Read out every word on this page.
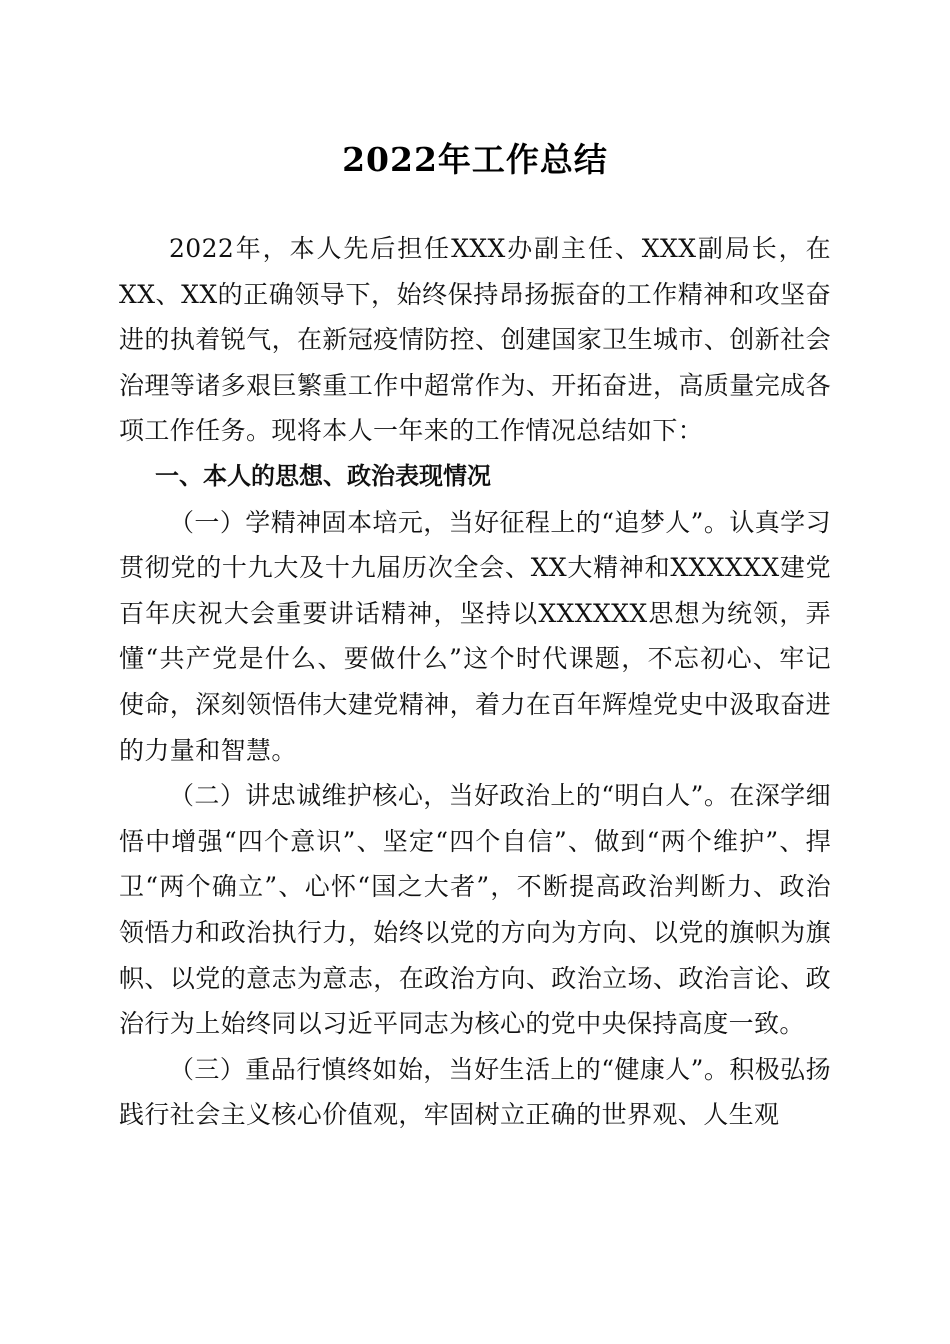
2022年工作总结

2022年，本人先后担任XXX办副主任、XXX副局长，在XX、XX的正确领导下，始终保持昂扬振奋的工作精神和攻坚奋进的执着锐气，在新冠疫情防控、创建国家卫生城市、创新社会治理等诸多艰巨繁重工作中超常作为、开拓奋进，高质量完成各项工作任务。现将本人一年来的工作情况总结如下：

一、本人的思想、政治表现情况

（一）学精神固本培元，当好征程上的“追梦人”。认真学习贯彻党的十九大及十九届历次全会、XX大精神和XXXXXX建党百年庆祝大会重要讲话精神，坚持以XXXXXX思想为统领，弄懂“共产党是什么、要做什么”这个时代课题，不忘初心、牢记使命，深刻领悟伟大建党精神，着力在百年辉煌党史中汲取奋进的力量和智慧。

（二）讲忠诚维护核心，当好政治上的“明白人”。在深学细悟中增强“四个意识”、坚定“四个自信”、做到“两个维护”、捍卫“两个确立”、心怀“国之大者”，不断提高政治判断力、政治领悟力和政治执行力，始终以党的方向为方向、以党的旗帜为旗帜、以党的意志为意志，在政治方向、政治立场、政治言论、政治行为上始终同以习近平同志为核心的党中央保持高度一致。

（三）重品行慎终如始，当好生活上的“健康人”。积极弘扬践行社会主义核心价值观，牢固树立正确的世界观、人生观
